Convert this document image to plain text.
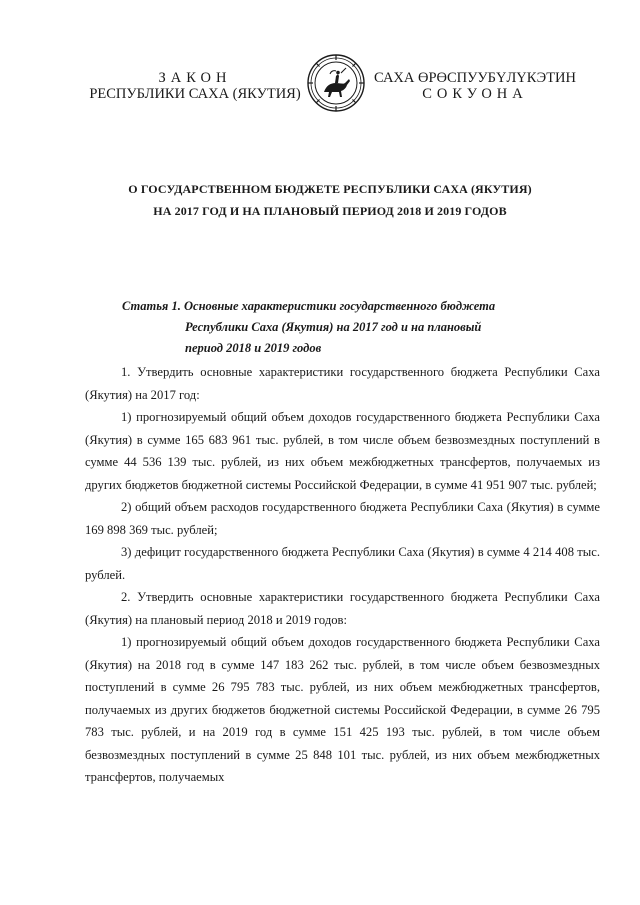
ЗАКОН
РЕСПУБЛИКИ САХА (ЯКУТИЯ)
САХА ӨРӨСПУУБҮЛҮКЭТИН
СОКУОНА
О ГОСУДАРСТВЕННОМ БЮДЖЕТЕ РЕСПУБЛИКИ САХА (ЯКУТИЯ)
НА 2017 ГОД И НА ПЛАНОВЫЙ ПЕРИОД 2018 И 2019 ГОДОВ
Статья 1. Основные характеристики государственного бюджета
Республики Саха (Якутия) на 2017 год и на плановый
период 2018 и 2019 годов

1. Утвердить основные характеристики государственного бюджета Республики Саха (Якутия) на 2017 год:

1) прогнозируемый общий объем доходов государственного бюджета Республики Саха (Якутия) в сумме 165 683 961 тыс. рублей, в том числе объем безвозмездных поступлений в сумме 44 536 139 тыс. рублей, из них объем межбюджетных трансфертов, получаемых из других бюджетов бюджетной системы Российской Федерации, в сумме 41 951 907 тыс. рублей;

2) общий объем расходов государственного бюджета Республики Саха (Якутия) в сумме 169 898 369 тыс. рублей;

3) дефицит государственного бюджета Республики Саха (Якутия) в сумме 4 214 408 тыс. рублей.

2. Утвердить основные характеристики государственного бюджета Республики Саха (Якутия) на плановый период 2018 и 2019 годов:

1) прогнозируемый общий объем доходов государственного бюджета Республики Саха (Якутия) на 2018 год в сумме 147 183 262 тыс. рублей, в том числе объем безвозмездных поступлений в сумме 26 795 783 тыс. рублей, из них объем межбюджетных трансфертов, получаемых из других бюджетов бюджетной системы Российской Федерации, в сумме 26 795 783 тыс. рублей, и на 2019 год в сумме 151 425 193 тыс. рублей, в том числе объем безвозмездных поступлений в сумме 25 848 101 тыс. рублей, из них объем межбюджетных трансфертов, получаемых
